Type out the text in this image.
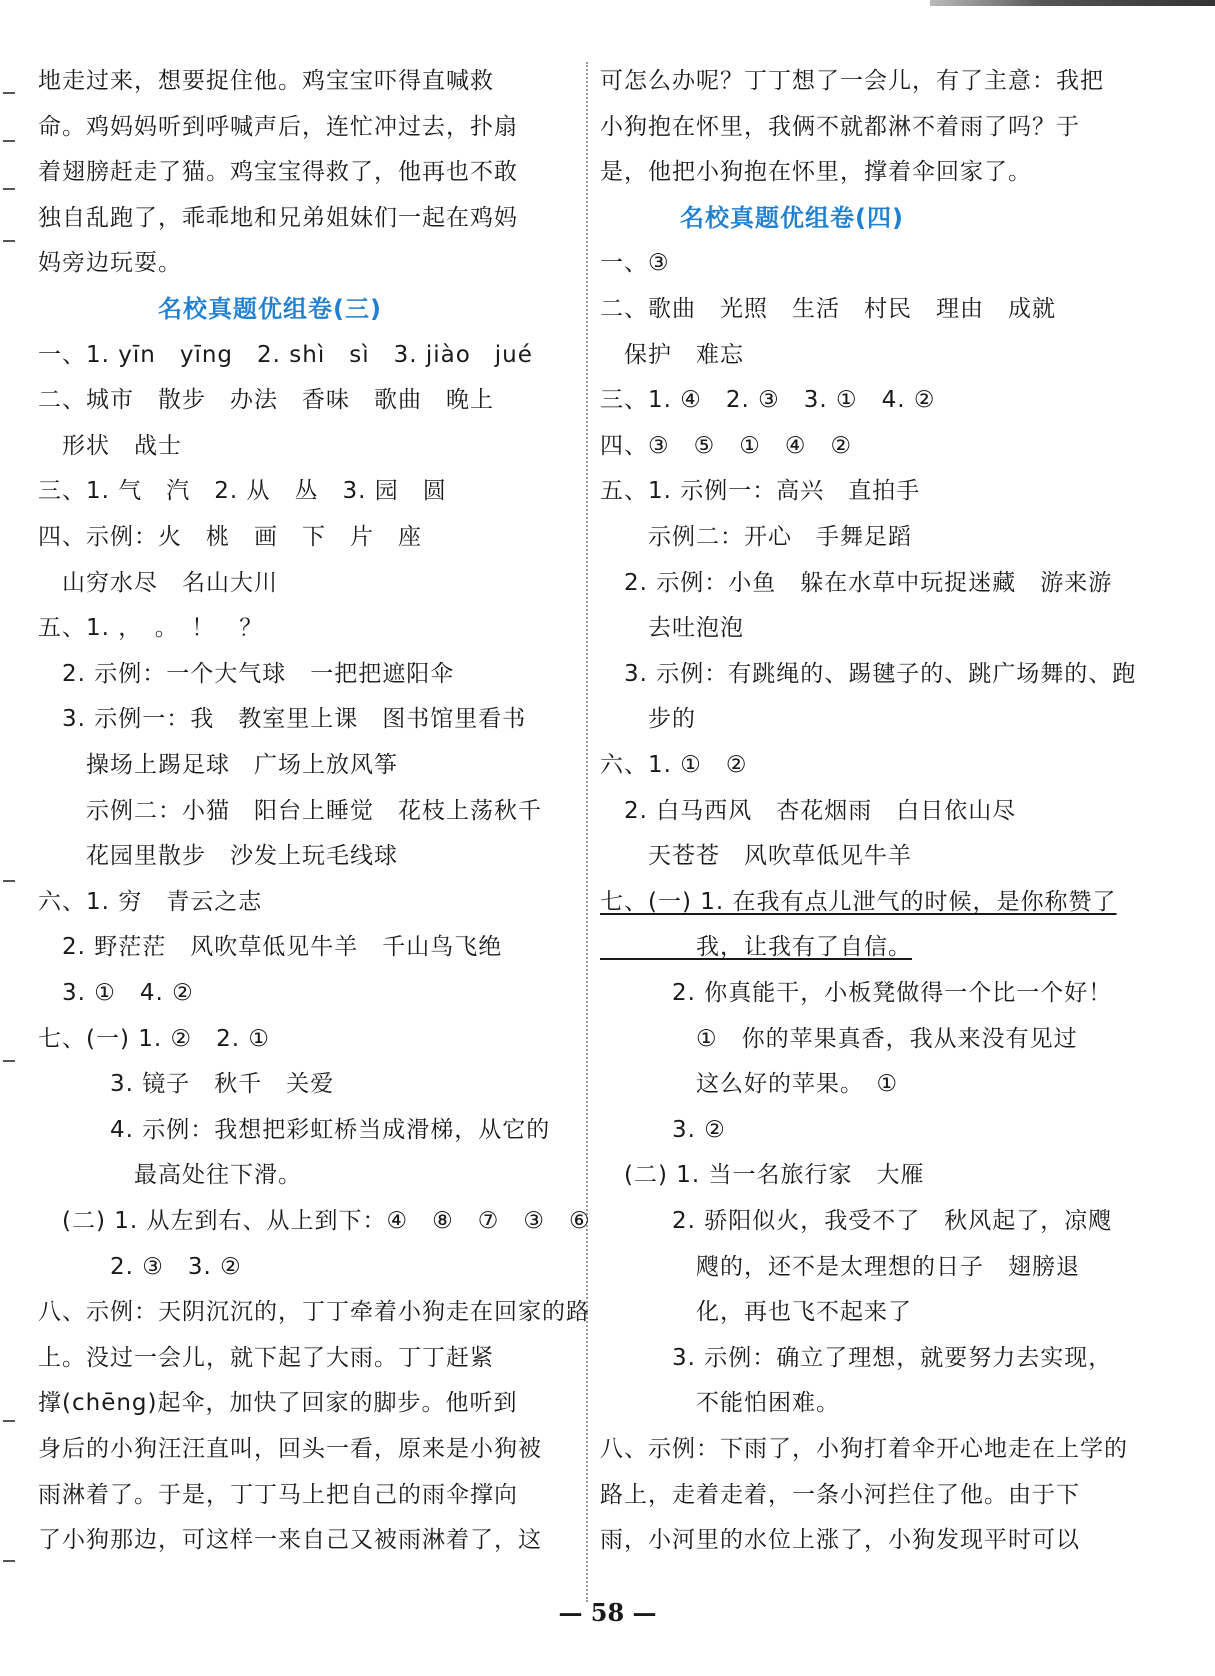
地走过来，想要捉住他。鸡宝宝吓得直喊救
命。鸡妈妈听到呼喊声后，连忙冲过去，扑扇
着翅膀赶走了猫。鸡宝宝得救了，他再也不敢
独自乱跑了，乖乖地和兄弟姐妹们一起在鸡妈
妈旁边玩耍。
名校真题优组卷(三)
一、1. yīn　yīng　2. shì　sì　3. jiào　jué
二、城市　散步　办法　香味　歌曲　晚上
　形状　战士
三、1. 气　汽　2. 从　丛　3. 园　圆
四、示例：火　桃　画　下　片　座
　山穷水尽　名山大川
五、1. ，　。　！　？
　2. 示例：一个大气球　一把把遮阳伞
　3. 示例一：我　教室里上课　图书馆里看书
　　操场上踢足球　广场上放风筝
　　示例二：小猫　阳台上睡觉　花枝上荡秋千
　　花园里散步　沙发上玩毛线球
六、1. 穷　青云之志
　2. 野茫茫　风吹草低见牛羊　千山鸟飞绝
　3. ①　4. ②
七、(一) 1. ②　2. ①
　　　3. 镜子　秋千　关爱
　　　4. 示例：我想把彩虹桥当成滑梯，从它的
　　　　最高处往下滑。
　(二) 1. 从左到右、从上到下：④　⑧　⑦　③　⑥
　　　2. ③　3. ②
八、示例：天阴沉沉的，丁丁牵着小狗走在回家的路
上。没过一会儿，就下起了大雨。丁丁赶紧
撑(chēng)起伞，加快了回家的脚步。他听到
身后的小狗汪汪直叫，回头一看，原来是小狗被
雨淋着了。于是，丁丁马上把自己的雨伞撑向
了小狗那边，可这样一来自己又被雨淋着了，这
可怎么办呢？丁丁想了一会儿，有了主意：我把
小狗抱在怀里，我俩不就都淋不着雨了吗？于
是，他把小狗抱在怀里，撑着伞回家了。
名校真题优组卷(四)
一、③
二、歌曲　光照　生活　村民　理由　成就
　保护　难忘
三、1. ④　2. ③　3. ①　4. ②
四、③　⑤　①　④　②
五、1. 示例一：高兴　直拍手
　　示例二：开心　手舞足蹈
　2. 示例：小鱼　躲在水草中玩捉迷藏　游来游
　　去吐泡泡
　3. 示例：有跳绳的、踢毽子的、跳广场舞的、跑
　　步的
六、1. ①　②
　2. 白马西风　杏花烟雨　白日依山尽
　　天苍苍　风吹草低见牛羊
七、(一) 1. 在我有点儿泄气的时候，是你称赞了
　　　　我，让我有了自信。
　　　2. 你真能干，小板凳做得一个比一个好！
　　　　①　你的苹果真香，我从来没有见过
　　　　这么好的苹果。　①
　　　3. ②
　(二) 1. 当一名旅行家　大雁
　　　2. 骄阳似火，我受不了　秋风起了，凉飕
　　　　飕的，还不是太理想的日子　翅膀退
　　　　化，再也飞不起来了
　　　3. 示例：确立了理想，就要努力去实现，
　　　　不能怕困难。
八、示例：下雨了，小狗打着伞开心地走在上学的
路上，走着走着，一条小河拦住了他。由于下
雨，小河里的水位上涨了，小狗发现平时可以
— 58 —
